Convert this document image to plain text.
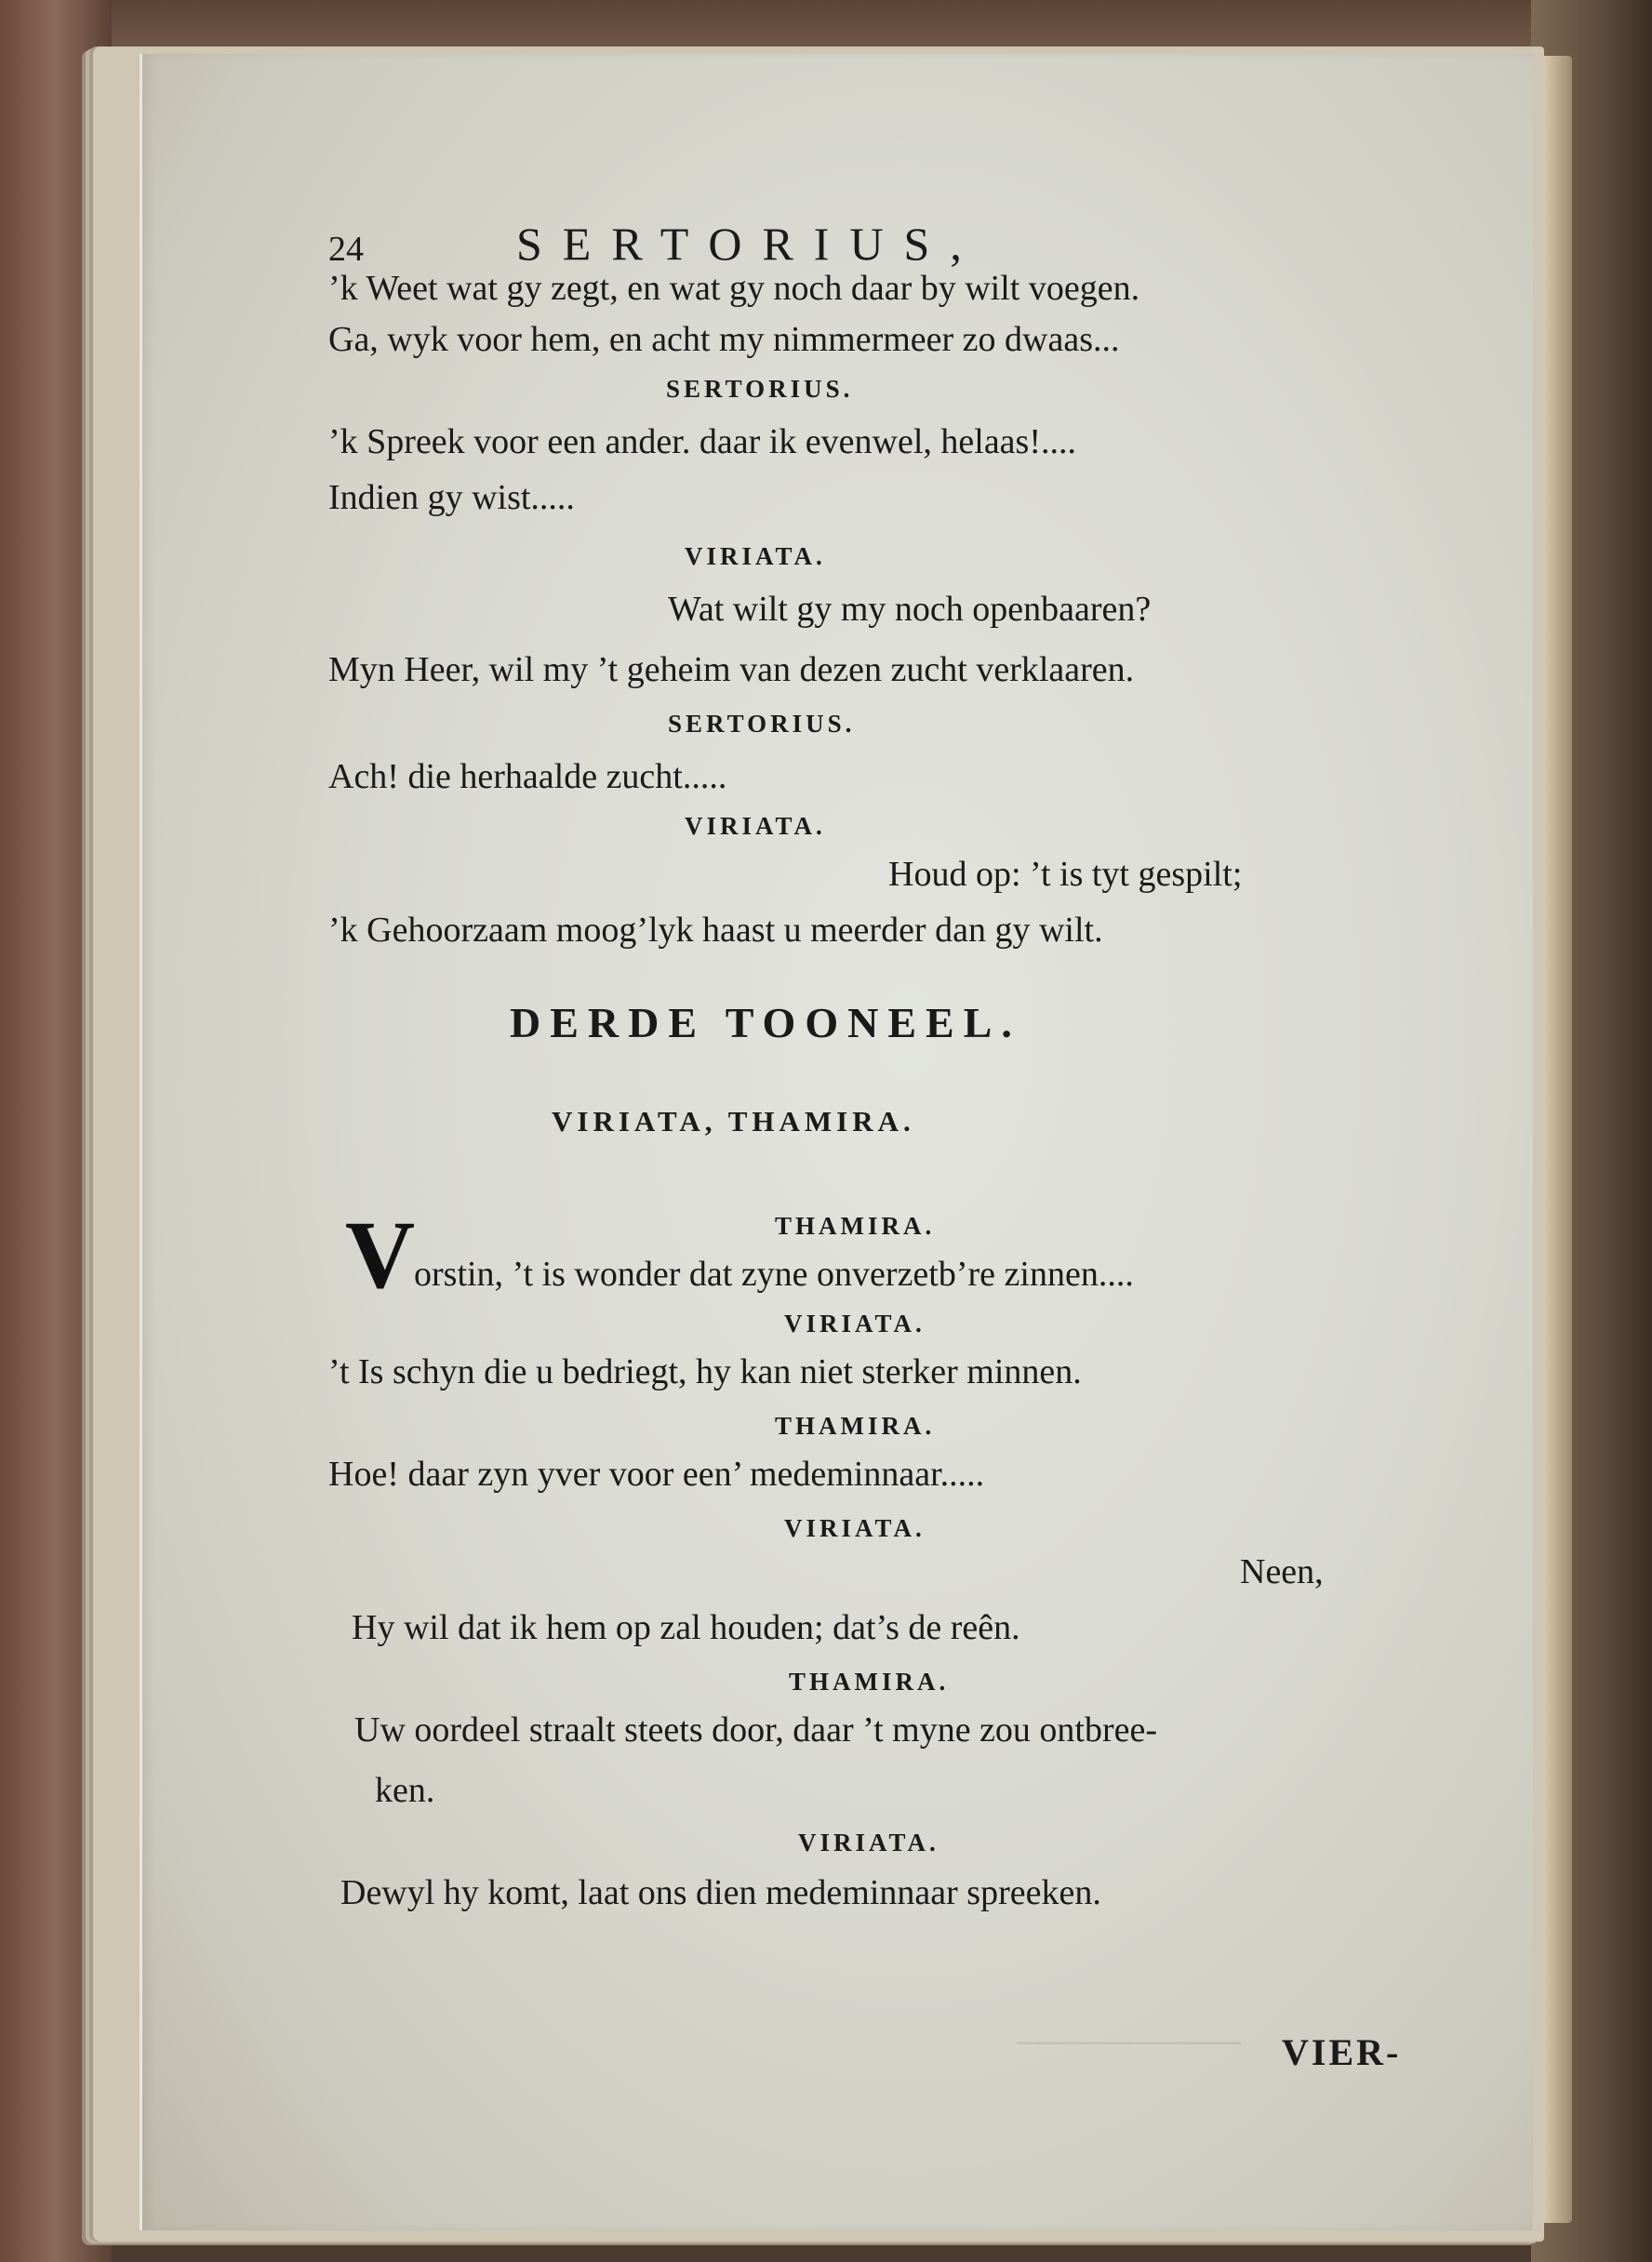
──────────
24	SERTORIUS,
’k Weet wat gy zegt, en wat gy noch daar by wilt voegen.
Ga, wyk voor hem, en acht my nimmermeer zo dwaas...
SERTORIUS.
’k Spreek voor een ander. daar ik evenwel, helaas!....
Indien gy wist.....
VIRIATA.
Wat wilt gy my noch openbaaren?
Myn Heer, wil my ’t geheim van dezen zucht verklaaren.
SERTORIUS.
Ach! die herhaalde zucht.....
VIRIATA.
Houd op: ’t is tyt gespilt;
’k Gehoorzaam moog’lyk haast u meerder dan gy wilt.
DERDE TOONEEL.
VIRIATA, THAMIRA.
V	THAMIRA.
orstin, ’t is wonder dat zyne onverzetb’re zinnen....
VIRIATA.
’t Is schyn die u bedriegt, hy kan niet sterker minnen.
THAMIRA.
Hoe! daar zyn yver voor een’ medeminnaar.....
VIRIATA.
Neen,
Hy wil dat ik hem op zal houden; dat’s de reên.
THAMIRA.
Uw oordeel straalt steets door, daar ’t myne zou ontbree-
ken.
VIRIATA.
Dewyl hy komt, laat ons dien medeminnaar spreeken.
VIER-
